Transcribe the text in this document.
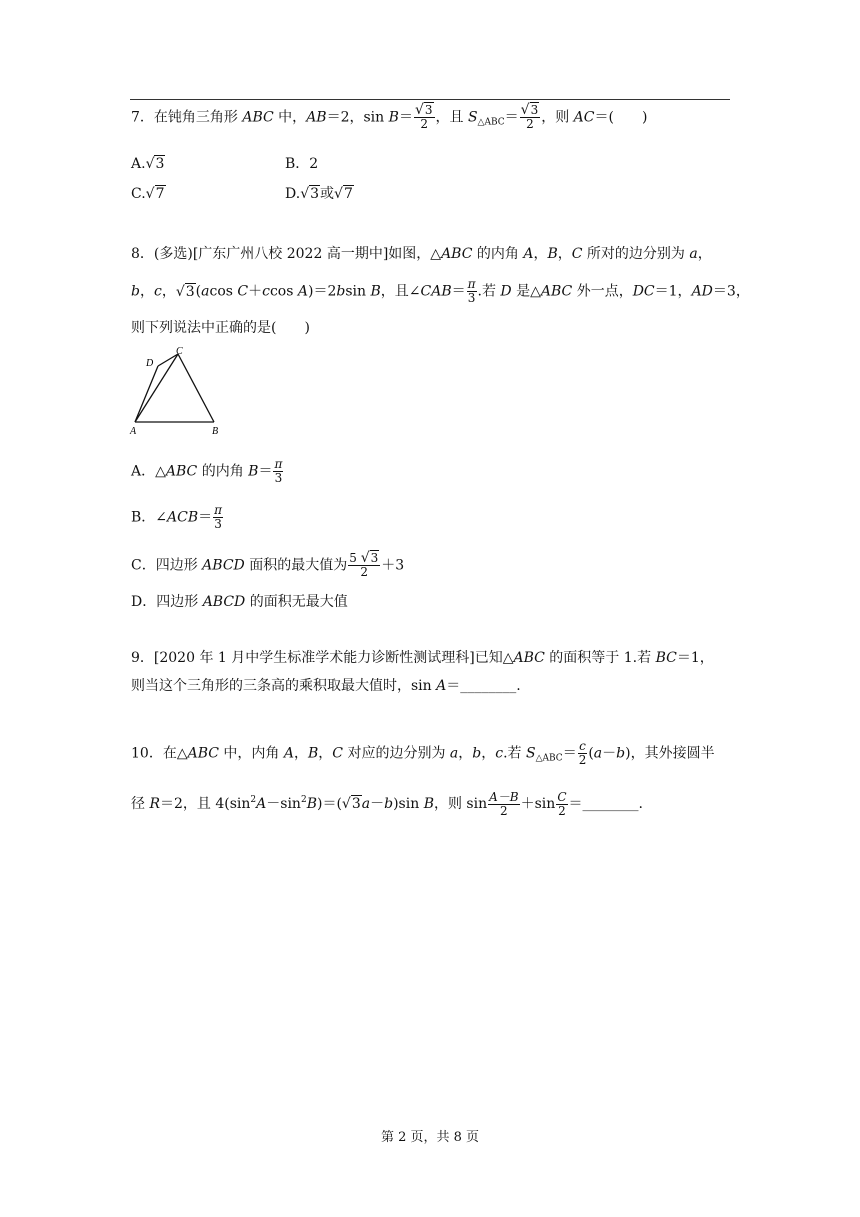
7．在钝角三角形 ABC 中，AB＝2，$\sin B= \frac{√3}{2}$ ，且 $S_{\triangle ABC}= \frac{√3}{2}$ ，则 AC＝(　　)
A.√3	B．2
C.√7	D.√3或√7
8．(多选)[广东广州八校 2022 高一期中]如图，△ABC 的内角 A，B，C 所对的边分别为 a，
b，c，√3(acos C＋ccos A)＝2bsin B，且∠CAB＝ $\frac{\pi}{3}$ .若 D 是△ABC 外一点，DC＝1，AD＝3，
则下列说法中正确的是(　　)
D
C
A	B
A．△ABC 的内角 $B= \frac{\pi}{3}$
B．∠ACB＝ $\frac{\pi}{3}$
C．四边形 ABCD 面积的最大值为 $\frac{5 √3}{2} +3$
D．四边形 ABCD 的面积无最大值
9．[2020 年 1 月中学生标准学术能力诊断性测试理科]已知△ABC 的面积等于 1.若 BC＝1，
则当这个三角形的三条高的乘积取最大值时，sin A＝________.
10．在△ABC 中，内角 A，B，C 对应的边分别为 a，b，c.若 $S_{\triangle ABC}= \frac{c}{2} (a-b)$，其外接圆半
径 R＝2，且 $4(\sin^2A-\sin^2B)=(√3a-b)\sin$ B，则 $\sin \frac{A-B}{2} +\sin \frac{C}{2}$ ＝________.
第 2 页，共 8 页
